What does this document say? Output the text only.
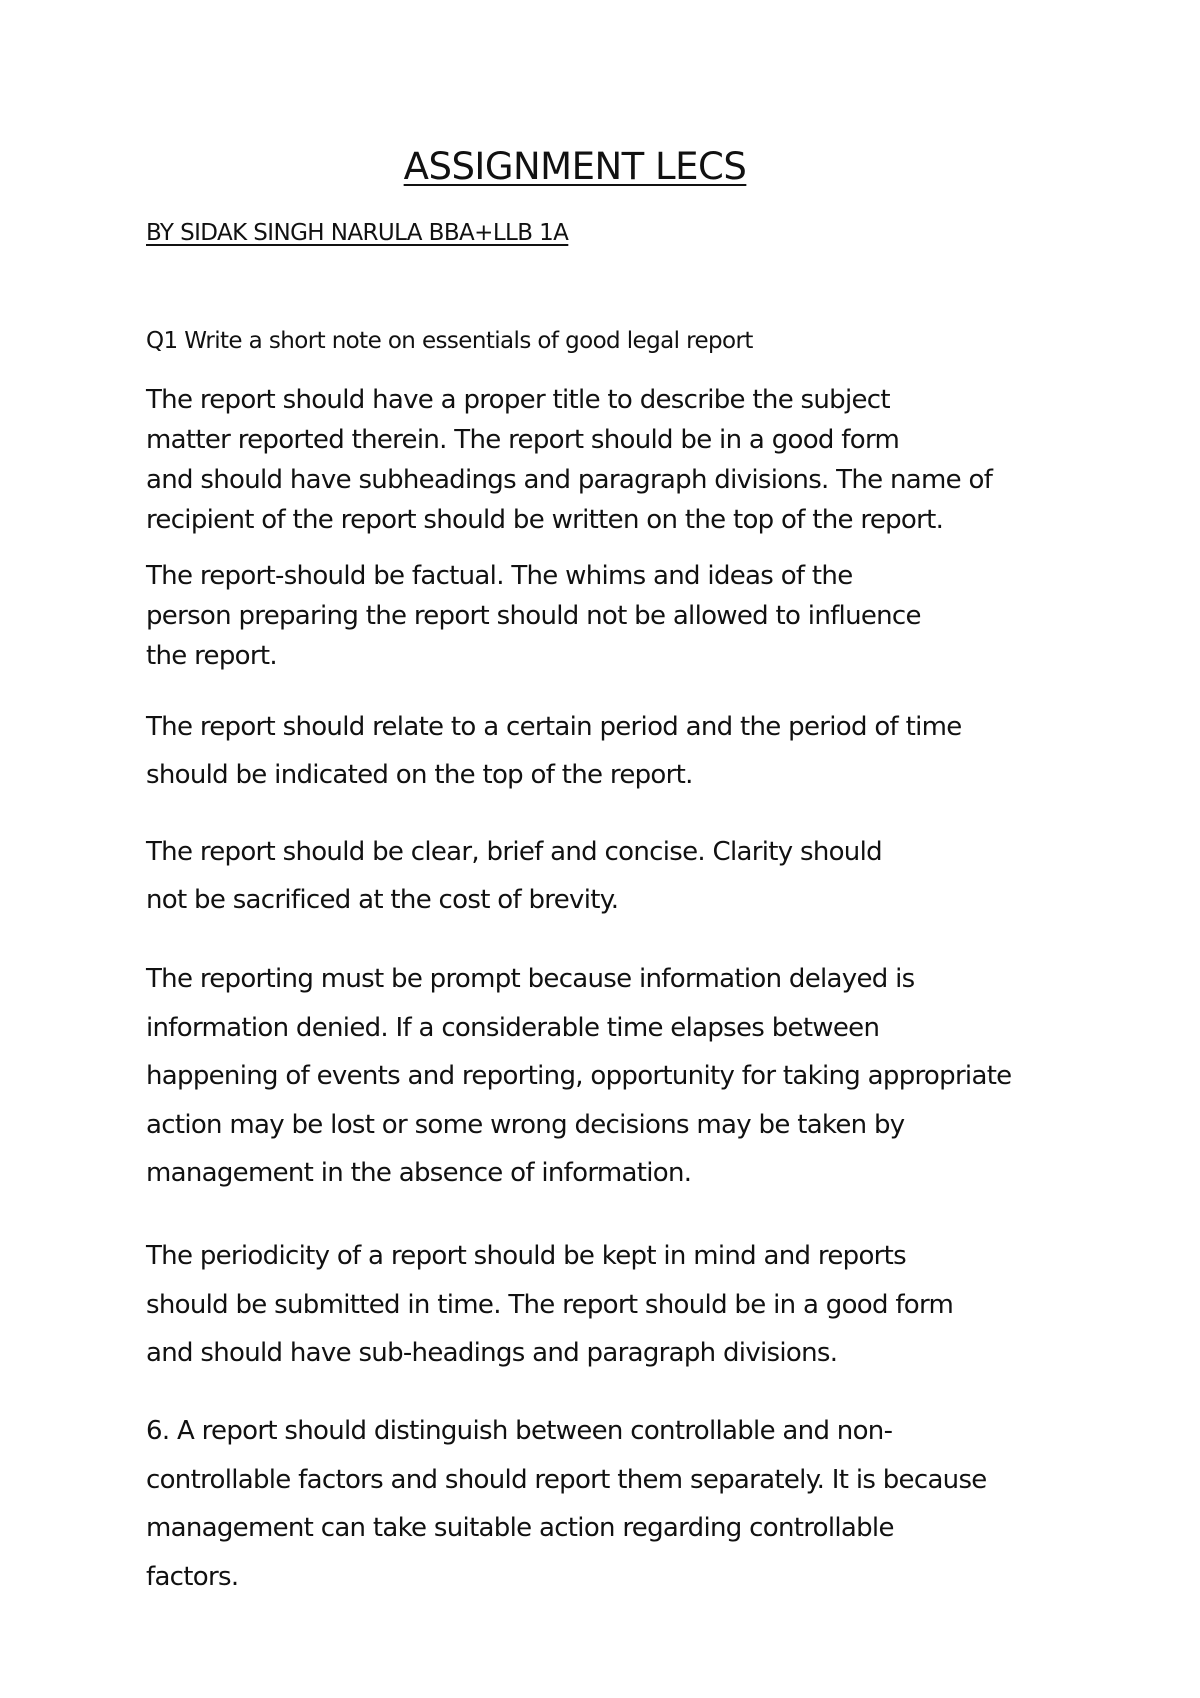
ASSIGNMENT LECS

BY SIDAK SINGH NARULA BBA+LLB 1A

Q1 Write a short note on essentials of good legal report

The report should have a proper title to describe the subject
matter reported therein. The report should be in a good form
and should have subheadings and paragraph divisions. The name of
recipient of the report should be written on the top of the report.

The report-should be factual. The whims and ideas of the
person preparing the report should not be allowed to influence
the report.

The report should relate to a certain period and the period of time
should be indicated on the top of the report.

The report should be clear, brief and concise. Clarity should
not be sacrificed at the cost of brevity.

The reporting must be prompt because information delayed is
information denied. If a considerable time elapses between
happening of events and reporting, opportunity for taking appropriate
action may be lost or some wrong decisions may be taken by
management in the absence of information.

The periodicity of a report should be kept in mind and reports
should be submitted in time. The report should be in a good form
and should have sub-headings and paragraph divisions.

6. A report should distinguish between controllable and non-
controllable factors and should report them separately. It is because
management can take suitable action regarding controllable
factors.
